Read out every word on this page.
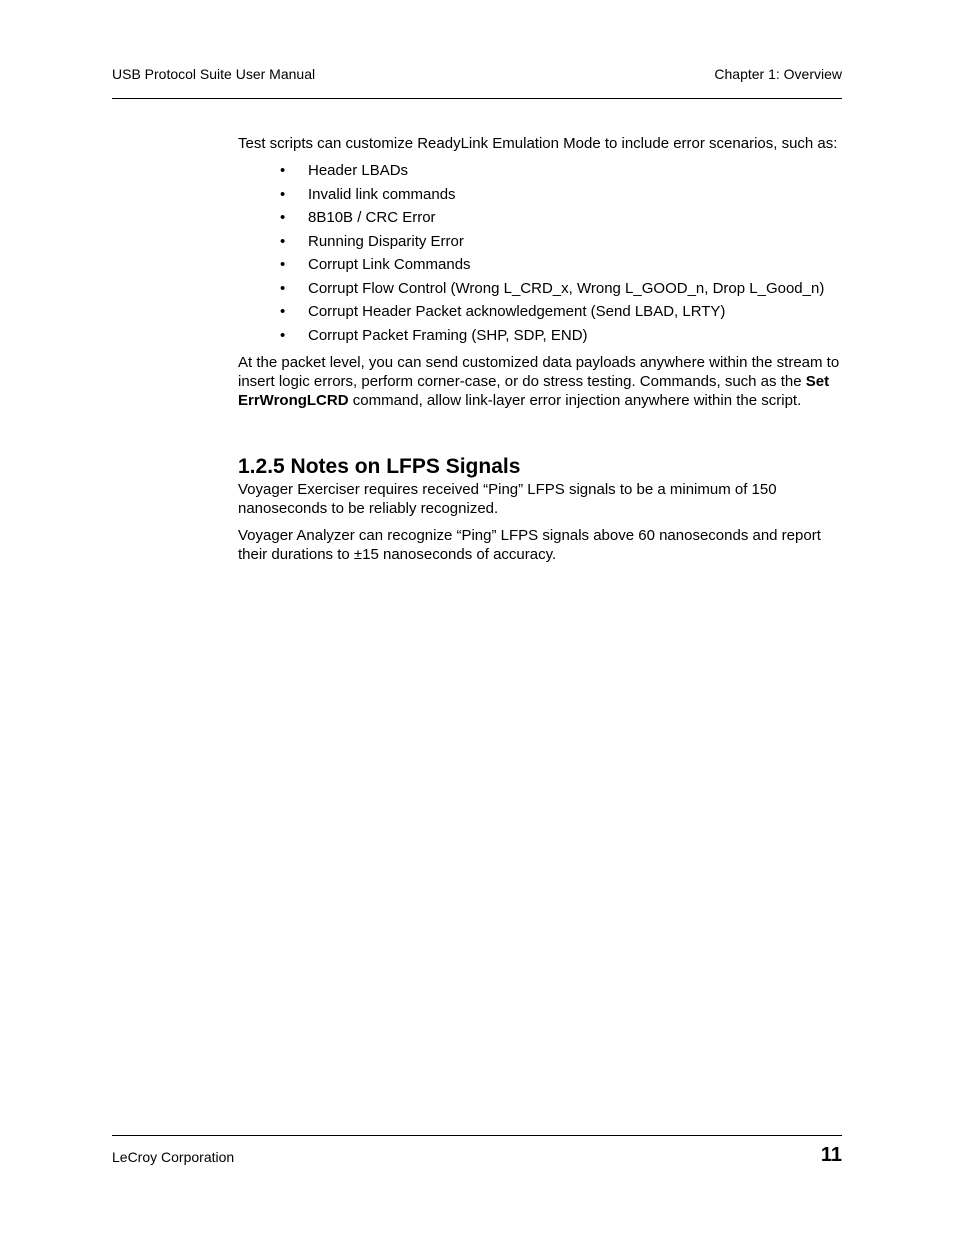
USB Protocol Suite User Manual	Chapter 1: Overview

Test scripts can customize ReadyLink Emulation Mode to include error scenarios, such as:

• Header LBADs
• Invalid link commands
• 8B10B / CRC Error
• Running Disparity Error
• Corrupt Link Commands
• Corrupt Flow Control (Wrong L_CRD_x, Wrong L_GOOD_n, Drop L_Good_n)
• Corrupt Header Packet acknowledgement (Send LBAD, LRTY)
• Corrupt Packet Framing (SHP, SDP, END)

At the packet level, you can send customized data payloads anywhere within the stream to insert logic errors, perform corner-case, or do stress testing. Commands, such as the Set ErrWrongLCRD command, allow link-layer error injection anywhere within the script.

1.2.5 Notes on LFPS Signals

Voyager Exerciser requires received “Ping” LFPS signals to be a minimum of 150 nanoseconds to be reliably recognized.

Voyager Analyzer can recognize “Ping” LFPS signals above 60 nanoseconds and report their durations to ±15 nanoseconds of accuracy.

LeCroy Corporation	11
